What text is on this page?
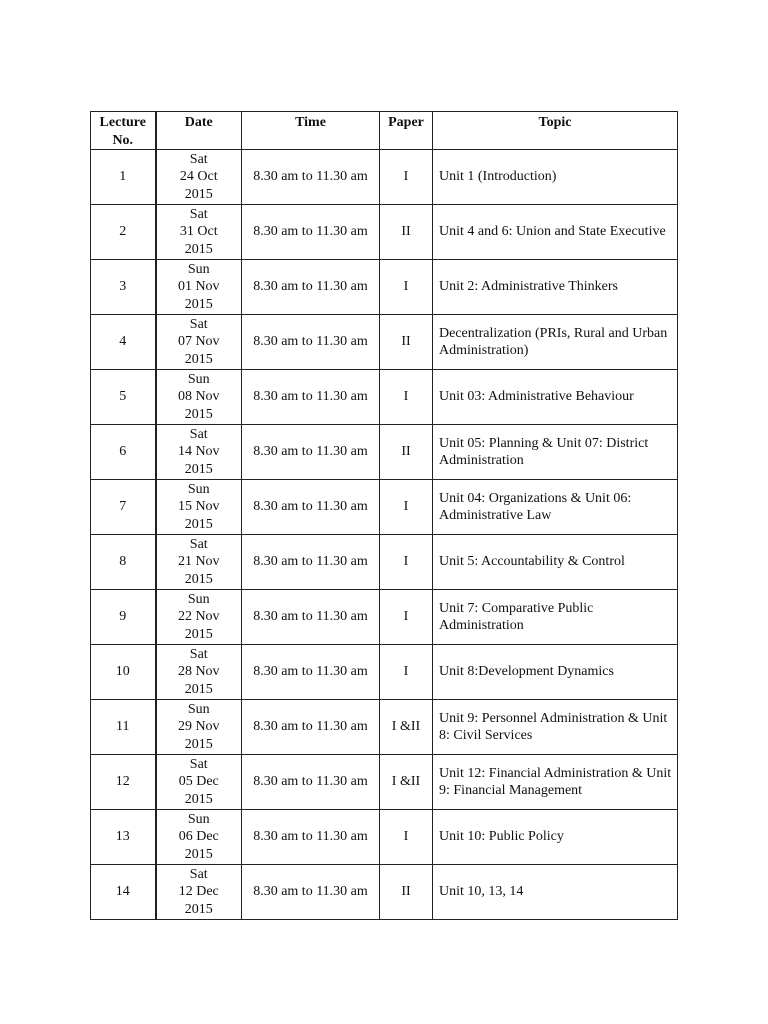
Lecture No.	Date	Time	Paper	Topic
1	Sat
24 Oct
2015	8.30 am to 11.30 am	I	Unit 1 (Introduction)
2	Sat
31 Oct
2015	8.30 am to 11.30 am	II	Unit 4 and 6: Union and State Executive
3	Sun
01 Nov
2015	8.30 am to 11.30 am	I	Unit 2: Administrative Thinkers
4	Sat
07 Nov
2015	8.30 am to 11.30 am	II	Decentralization (PRIs, Rural and Urban Administration)
5	Sun
08 Nov
2015	8.30 am to 11.30 am	I	Unit 03: Administrative Behaviour
6	Sat
14 Nov
2015	8.30 am to 11.30 am	II	Unit 05: Planning & Unit 07: District Administration
7	Sun
15 Nov
2015	8.30 am to 11.30 am	I	Unit 04: Organizations & Unit 06: Administrative Law
8	Sat
21 Nov
2015	8.30 am to 11.30 am	I	Unit 5: Accountability & Control
9	Sun
22 Nov
2015	8.30 am to 11.30 am	I	Unit 7: Comparative Public Administration
10	Sat
28 Nov
2015	8.30 am to 11.30 am	I	Unit 8:Development Dynamics
11	Sun
29 Nov
2015	8.30 am to 11.30 am	I &II	Unit 9: Personnel Administration & Unit 8: Civil Services
12	Sat
05 Dec
2015	8.30 am to 11.30 am	I &II	Unit 12: Financial Administration & Unit 9: Financial Management
13	Sun
06 Dec
2015	8.30 am to 11.30 am	I	Unit 10: Public Policy
14	Sat
12 Dec
2015	8.30 am to 11.30 am	II	Unit 10, 13, 14
